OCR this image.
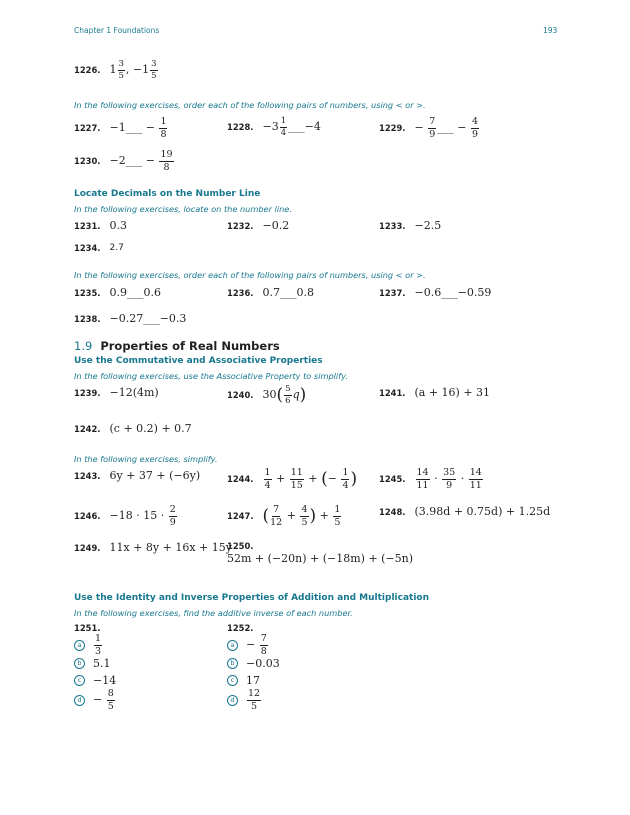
Chapter 1 Foundations	193
1226. $1 \frac{3}{5}$ , $-1 \frac{3}{5}$
In the following exercises, order each of the following pairs of numbers, using < or >.
1227. −1___ − $\frac{1}{8}$	1228. $-3 \frac{1}{4}$ ___−4	1229. − $\frac{7}{9}$ ___ − $\frac{4}{9}$
1230. −2___ − $\frac{19}{8}$
Locate Decimals on the Number Line
In the following exercises, locate on the number line.
1231. 0.3	1232. −0.2	1233. −2.5
1234. 2.7
In the following exercises, order each of the following pairs of numbers, using < or >.
1235. 0.9___0.6	1236. 0.7___0.8	1237. −0.6___−0.59
1238. −0.27___−0.3
1.9 Properties of Real Numbers
Use the Commutative and Associative Properties
In the following exercises, use the Associative Property to simplify.
1239. −12(4m)	1240. $30( \frac{5}{6} q)$	1241. (a + 16) + 31
1242. (c + 0.2) + 0.7
In the following exercises, simplify.
1243. 6y + 37 + (−6y)	1244. $\frac{1}{4} + \frac{11}{15}$ + (− $\frac{1}{4}$ )	1245. $\frac{14}{11} \cdot \frac{35}{9} \cdot \frac{14}{11}$
1246. $-18 \cdot 15 \cdot \frac{2}{9}$	1247. ( $\frac{7}{12} + \frac{4}{5}$ ) + $\frac{1}{5}$	1248. (3.98d + 0.75d) + 1.25d
1249. 11x + 8y + 16x + 15y
1250.
52m + (−20n) + (−18m) + (−5n)
Use the Identity and Inverse Properties of Addition and Multiplication
In the following exercises, find the additive inverse of each number.
1251.
a	$\frac{1}{3}$
b	5.1
c	−14
d	− $\frac{8}{5}$
1252.
a	− $\frac{7}{8}$
b	−0.03
c	17
d	$\frac{12}{5}$
